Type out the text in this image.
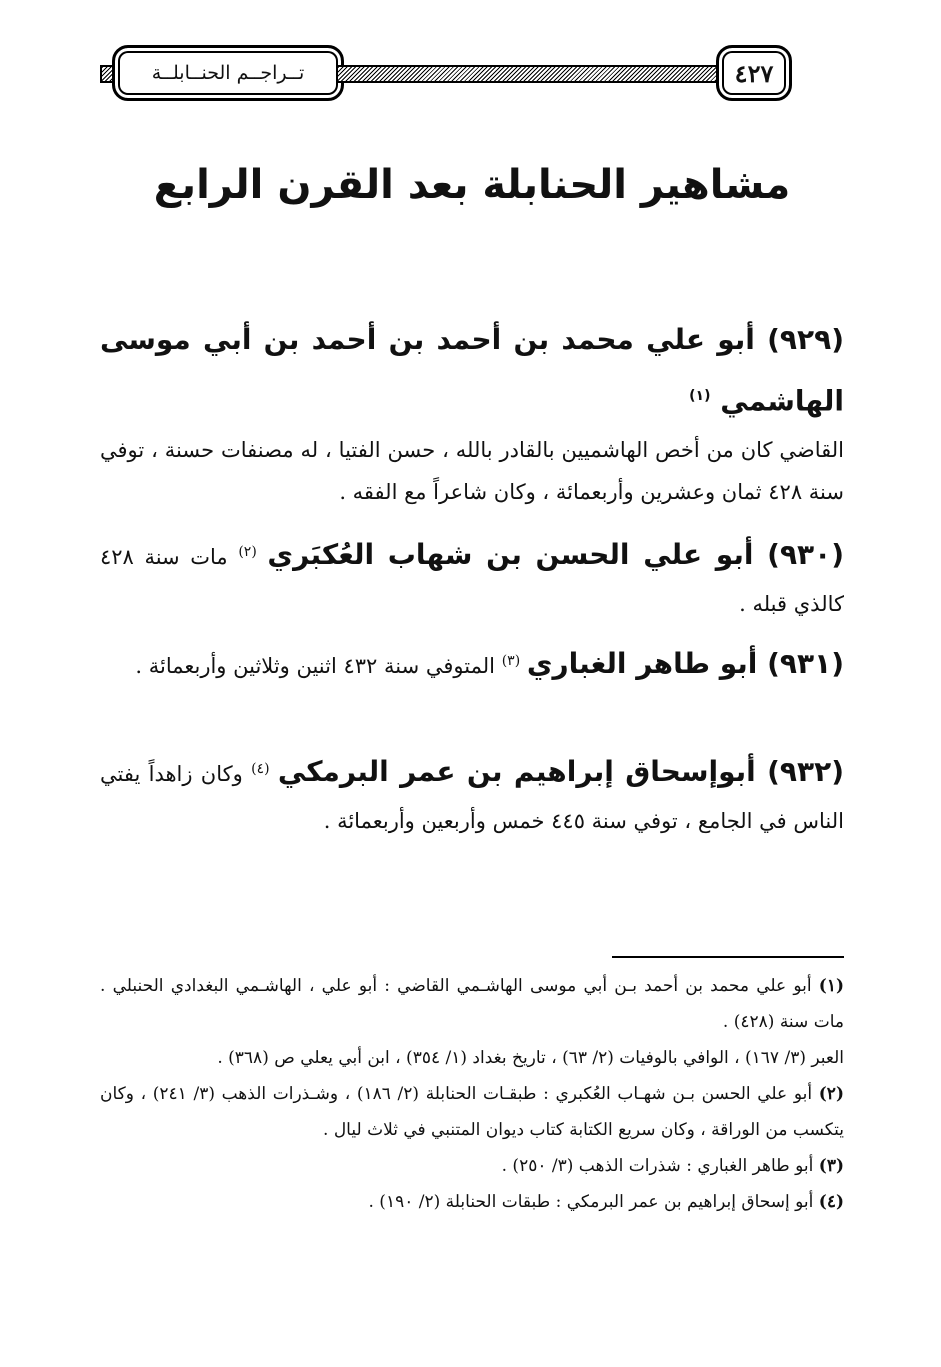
تــراجــم الحنــابلــة	٤٢٧
مشاهير الحنابلة بعد القرن الرابع
(٩٢٩) أبو علي محمد بن أحمد بن أحمد بن أبي موسى الهاشمي $^{(١)}$
القاضي كان من أخص الهاشميين بالقادر بالله ، حسن الفتيا ، له مصنفات حسنة ، توفي سنة ٤٢٨ ثمان وعشرين وأربعمائة ، وكان شاعراً مع الفقه .
(٩٣٠) أبو علي الحسن بن شهاب العُكبَري $^{(٢)}$ مات سنة ٤٢٨ كالذي قبله .
(٩٣١) أبو طاهر الغباري $^{(٣)}$ المتوفي سنة ٤٣٢ اثنين وثلاثين وأربعمائة .
(٩٣٢) أبوإسحاق إبراهيم بن عمر البرمكي $^{(٤)}$ وكان زاهداً يفتي الناس في الجامع ، توفي سنة ٤٤٥ خمس وأربعين وأربعمائة .

(١) أبو علي محمد بن أحمد بـن أبي موسى الهاشـمي القاضي : أبو علي ، الهاشـمي البغدادي الحنبلي . مات سنة (٤٢٨) .

العبر (٣/ ١٦٧) ، الوافي بالوفيات (٢/ ٦٣) ، تاريخ بغداد (١/ ٣٥٤) ، ابن أبي يعلي ص (٣٦٨) .

(٢) أبو علي الحسن بـن شهـاب العُكبري : طبقـات الحنابلة (٢/ ١٨٦) ، وشـذرات الذهب (٣/ ٢٤١) ، وكان يتكسب من الوراقة ، وكان سريع الكتابة كتاب ديوان المتنبي في ثلاث ليال .

(٣) أبو طاهر الغباري : شذرات الذهب (٣/ ٢٥٠) .

(٤) أبو إسحاق إبراهيم بن عمر البرمكي : طبقات الحنابلة (٢/ ١٩٠) .
